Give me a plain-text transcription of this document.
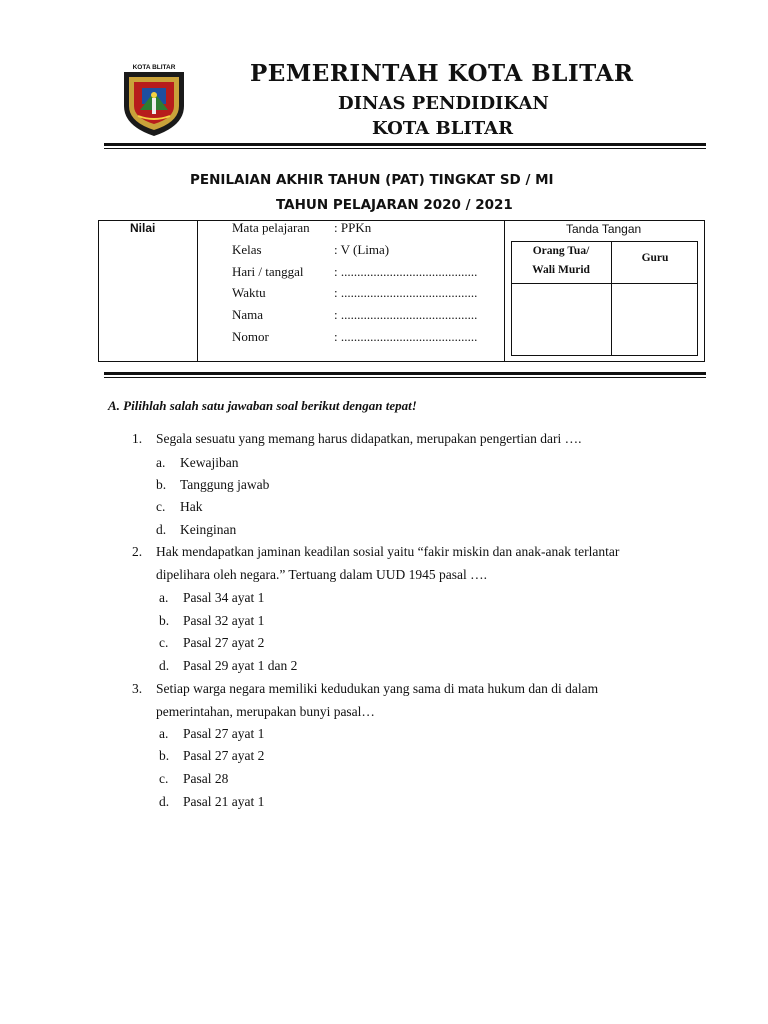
KOTA BLITAR	PEMERINTAH KOTA BLITAR
DINAS PENDIDIKAN
KOTA BLITAR
PENILAIAN AKHIR TAHUN (PAT) TINGKAT SD / MI
TAHUN PELAJARAN 2020 / 2021
Nilai	Mata pelajaran : PPKn
Kelas	: V (Lima)
Hari / tanggal : ..........................................
Waktu	: ..........................................
Nama	: ..........................................
Nomor	: ..........................................
Tanda Tangan
Orang Tua/
Wali Murid
Guru
A. Pilihlah salah satu jawaban soal berikut dengan tepat!
1. Segala sesuatu yang memang harus didapatkan, merupakan pengertian dari ….
a. Kewajiban
b. Tanggung jawab
c. Hak
d. Keinginan
2. Hak mendapatkan jaminan keadilan sosial yaitu “fakir miskin dan anak-anak terlantar
dipelihara oleh negara.” Tertuang dalam UUD 1945 pasal ….
a. Pasal 34 ayat 1
b. Pasal 32 ayat 1
c. Pasal 27 ayat 2
d. Pasal 29 ayat 1 dan 2
3. Setiap warga negara memiliki kedudukan yang sama di mata hukum dan di dalam
pemerintahan, merupakan bunyi pasal…
a. Pasal 27 ayat 1
b. Pasal 27 ayat 2
c. Pasal 28
d. Pasal 21 ayat 1
